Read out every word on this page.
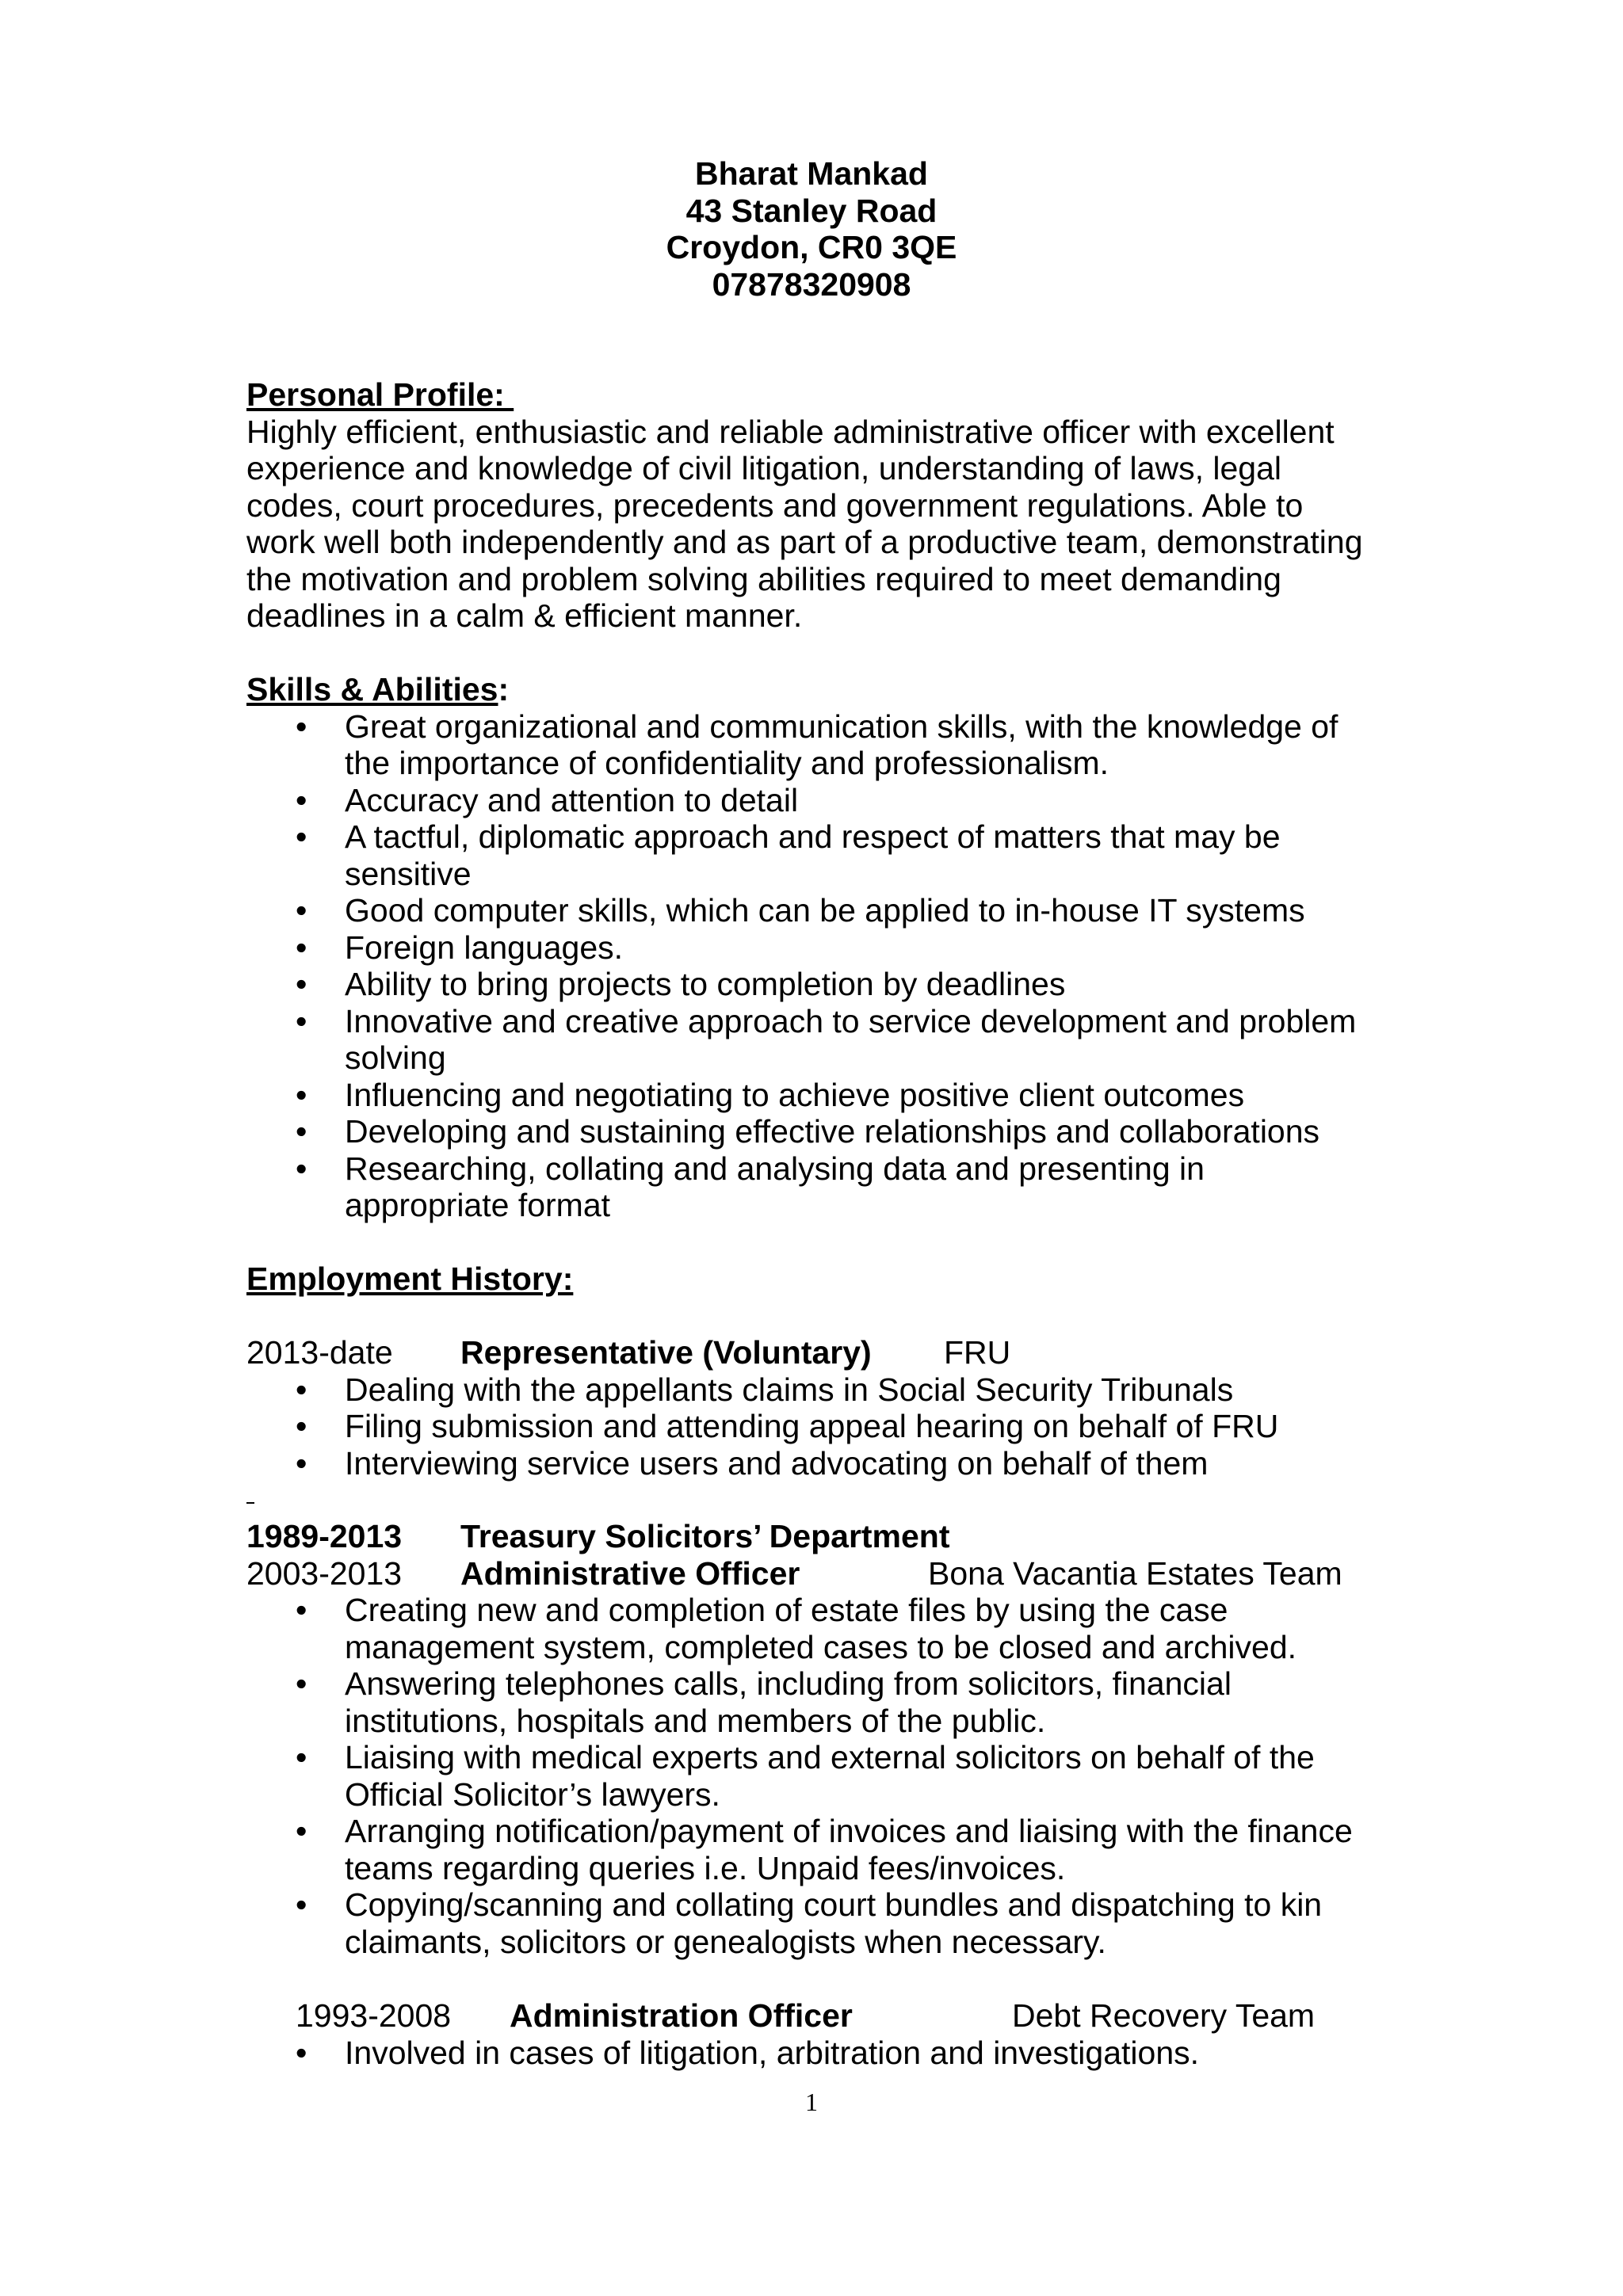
Bharat Mankad
43 Stanley Road
Croydon, CR0 3QE
07878320908
Personal Profile:
Highly efficient, enthusiastic and reliable administrative officer with excellent
experience and knowledge of civil litigation, understanding of laws, legal
codes, court procedures, precedents and government regulations. Able to
work well both independently and as part of a productive team, demonstrating
the motivation and problem solving abilities required to meet demanding
deadlines in a calm & efficient manner.
Skills & Abilities:
• Great organizational and communication skills, with the knowledge of
the importance of confidentiality and professionalism.
• Accuracy and attention to detail
• A tactful, diplomatic approach and respect of matters that may be
sensitive
• Good computer skills, which can be applied to in-house IT systems
• Foreign languages.
• Ability to bring projects to completion by deadlines
• Innovative and creative approach to service development and problem
solving
• Influencing and negotiating to achieve positive client outcomes
• Developing and sustaining effective relationships and collaborations
• Researching, collating and analysing data and presenting in
appropriate format
Employment History:
2013-date	Representative (Voluntary)	FRU
• Dealing with the appellants claims in Social Security Tribunals
• Filing submission and attending appeal hearing on behalf of FRU
• Interviewing service users and advocating on behalf of them
1989-2013	Treasury Solicitors’ Department
2003-2013	Administrative Officer	Bona Vacantia Estates Team
• Creating new and completion of estate files by using the case
management system, completed cases to be closed and archived.
• Answering telephones calls, including from solicitors, financial
institutions, hospitals and members of the public.
• Liaising with medical experts and external solicitors on behalf of the
Official Solicitor’s lawyers.
• Arranging notification/payment of invoices and liaising with the finance
teams regarding queries i.e. Unpaid fees/invoices.
• Copying/scanning and collating court bundles and dispatching to kin
claimants, solicitors or genealogists when necessary.
1993-2008	Administration Officer	Debt Recovery Team
• Involved in cases of litigation, arbitration and investigations.
1
